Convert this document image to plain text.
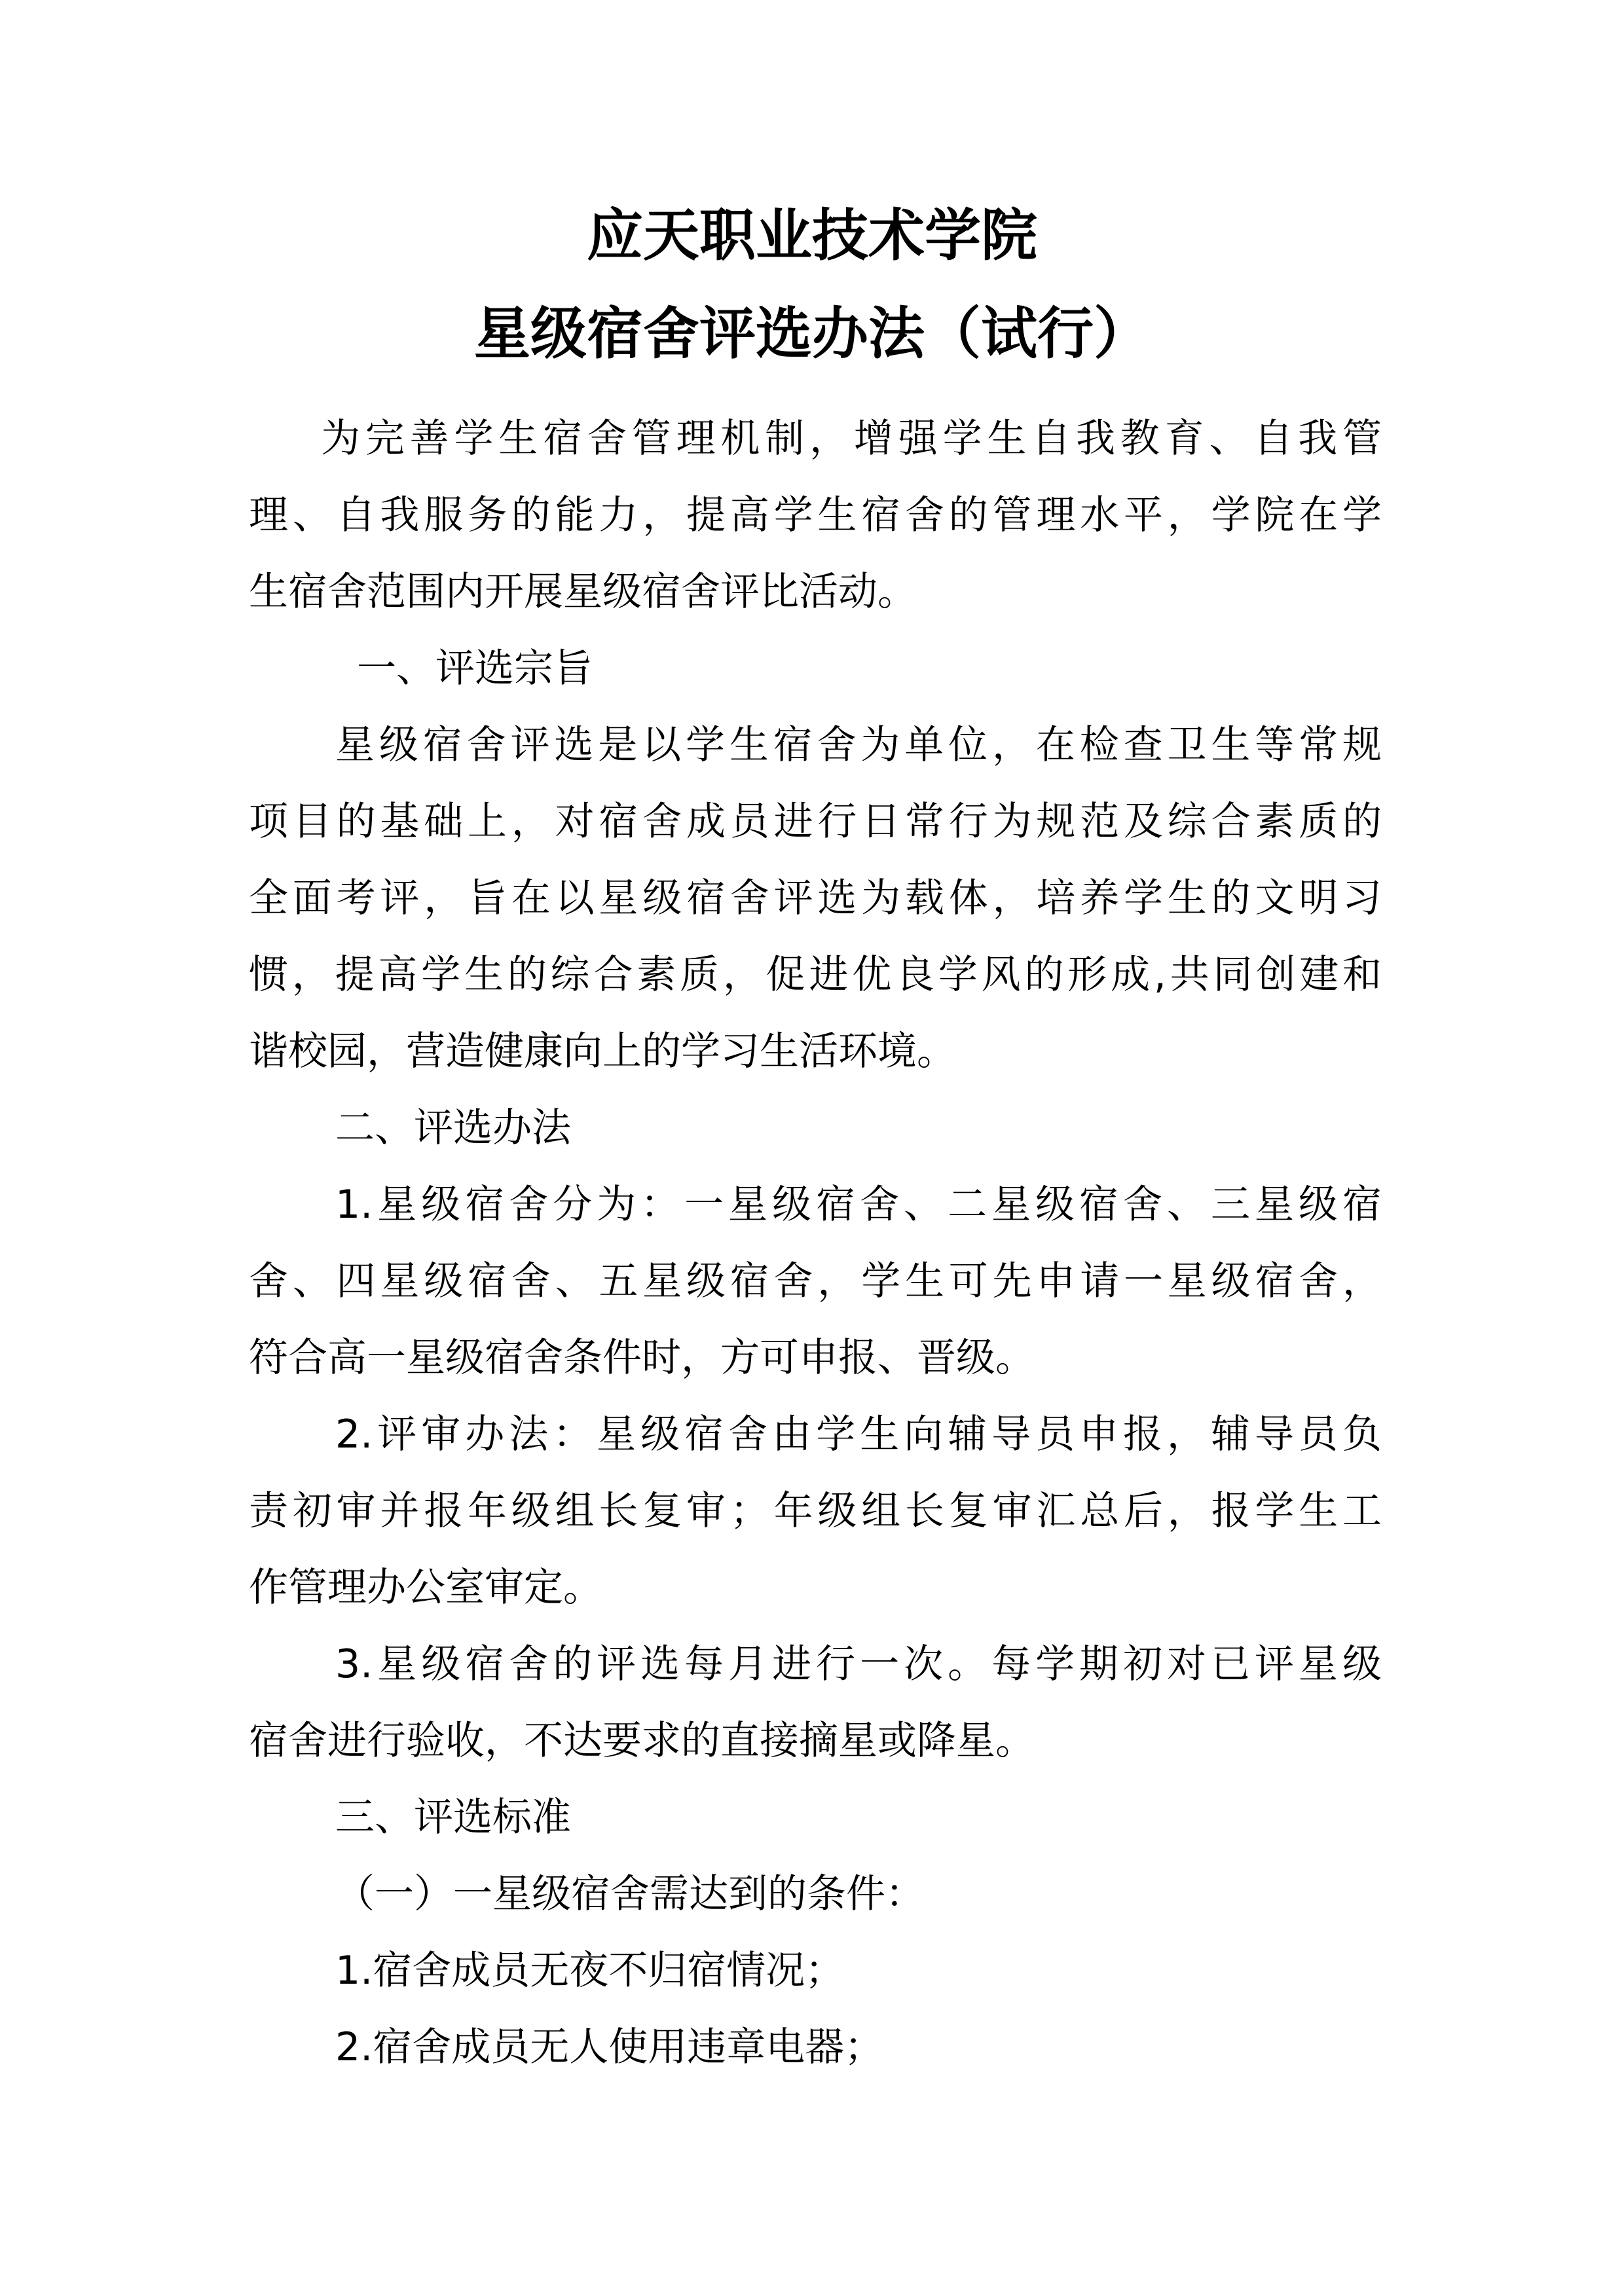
应天职业技术学院
星级宿舍评选办法（试行）
为完善学生宿舍管理机制，增强学生自我教育、自我管
理、自我服务的能力，提高学生宿舍的管理水平，学院在学
生宿舍范围内开展星级宿舍评比活动。
一、评选宗旨
星级宿舍评选是以学生宿舍为单位，在检查卫生等常规
项目的基础上，对宿舍成员进行日常行为规范及综合素质的
全面考评，旨在以星级宿舍评选为载体，培养学生的文明习
惯，提高学生的综合素质，促进优良学风的形成,共同创建和
谐校园，营造健康向上的学习生活环境。
二、评选办法
1.星级宿舍分为：一星级宿舍、二星级宿舍、三星级宿
舍、四星级宿舍、五星级宿舍，学生可先申请一星级宿舍，
符合高一星级宿舍条件时，方可申报、晋级。
2.评审办法：星级宿舍由学生向辅导员申报，辅导员负
责初审并报年级组长复审；年级组长复审汇总后，报学生工
作管理办公室审定。
3.星级宿舍的评选每月进行一次。每学期初对已评星级
宿舍进行验收，不达要求的直接摘星或降星。
三、评选标准
（一）一星级宿舍需达到的条件：
1.宿舍成员无夜不归宿情况；
2.宿舍成员无人使用违章电器；
